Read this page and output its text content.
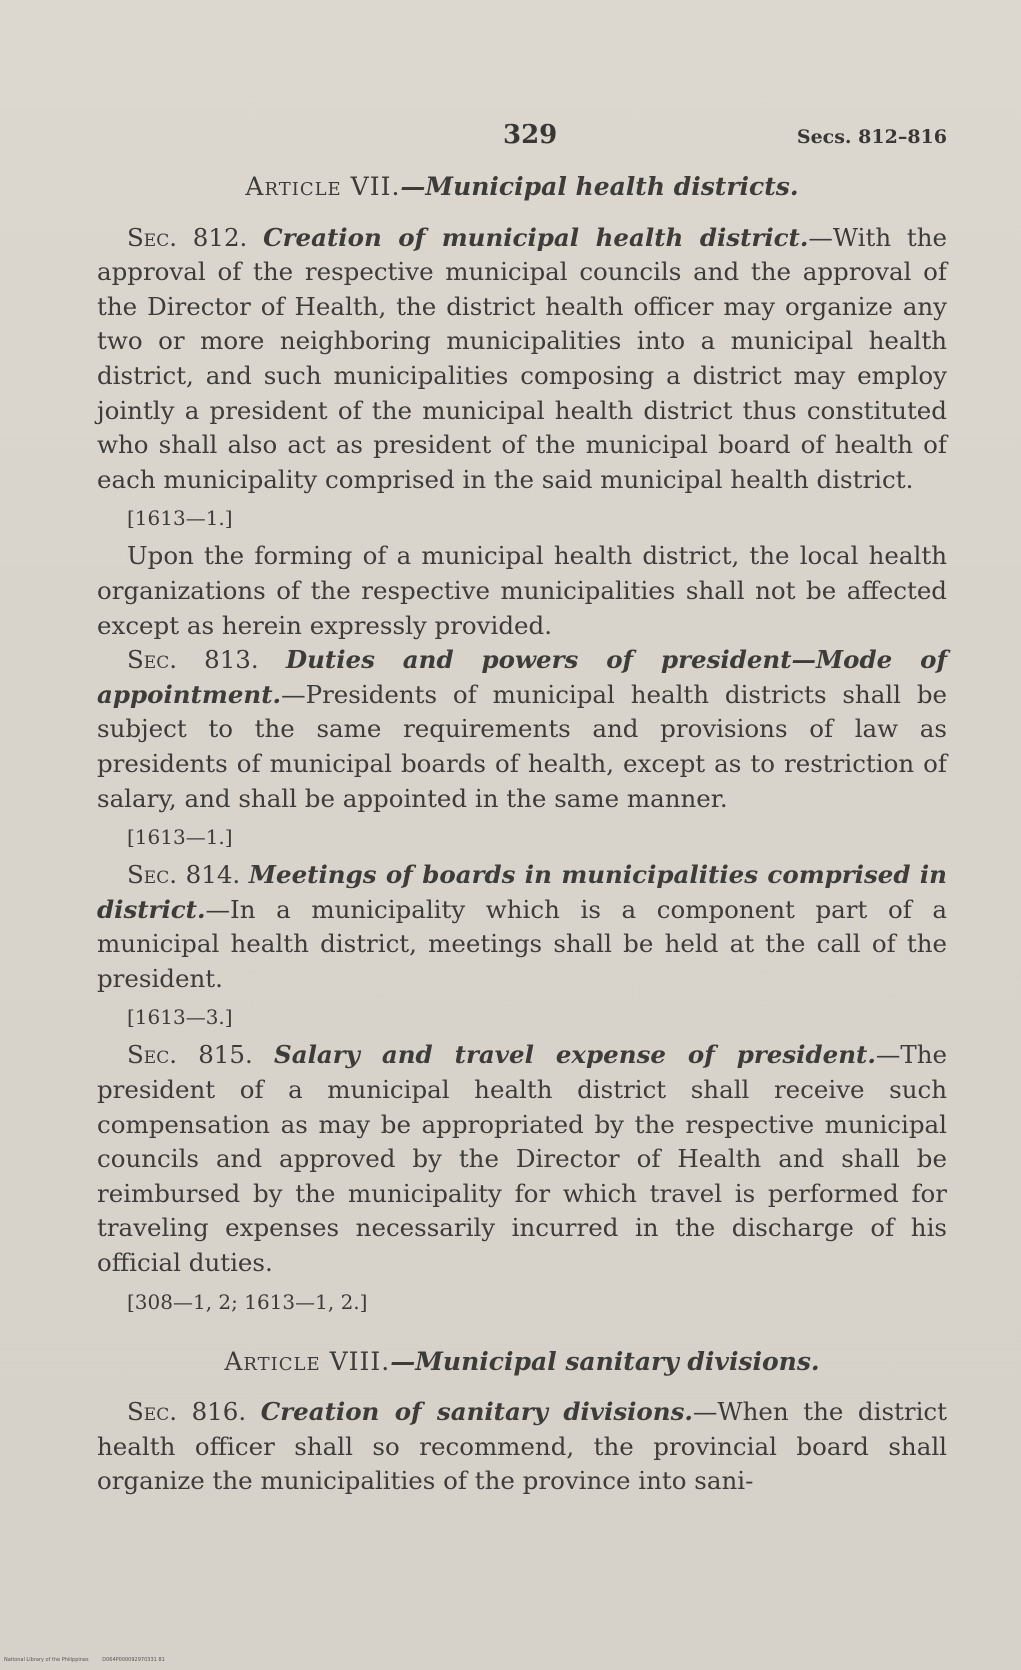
329	Secs. 812–816
Article VII.—Municipal health districts.

Sec. 812. Creation of municipal health district.—With the approval of the respective municipal councils and the approval of the Director of Health, the district health officer may organize any two or more neighboring municipalities into a municipal health district, and such municipalities composing a district may employ jointly a president of the municipal health district thus constituted who shall also act as president of the municipal board of health of each municipality comprised in the said municipal health district.

[1613—1.]

Upon the forming of a municipal health district, the local health organizations of the respective municipalities shall not be affected except as herein expressly provided.

Sec. 813. Duties and powers of president—Mode of appointment.—Presidents of municipal health districts shall be subject to the same requirements and provisions of law as presidents of municipal boards of health, except as to restriction of salary, and shall be appointed in the same manner.

[1613—1.]

Sec. 814. Meetings of boards in municipalities comprised in district.—In a municipality which is a component part of a municipal health district, meetings shall be held at the call of the president.

[1613—3.]

Sec. 815. Salary and travel expense of president.—The president of a municipal health district shall receive such compensation as may be appropriated by the respective municipal councils and approved by the Director of Health and shall be reimbursed by the municipality for which travel is performed for traveling expenses necessarily incurred in the discharge of his official duties.

[308—1, 2; 1613—1, 2.]
Article VIII.—Municipal sanitary divisions.

Sec. 816. Creation of sanitary divisions.—When the district health officer shall so recommend, the provincial board shall organize the municipalities of the province into sani-

National Library of the Philippines	D064P000092970331 81
